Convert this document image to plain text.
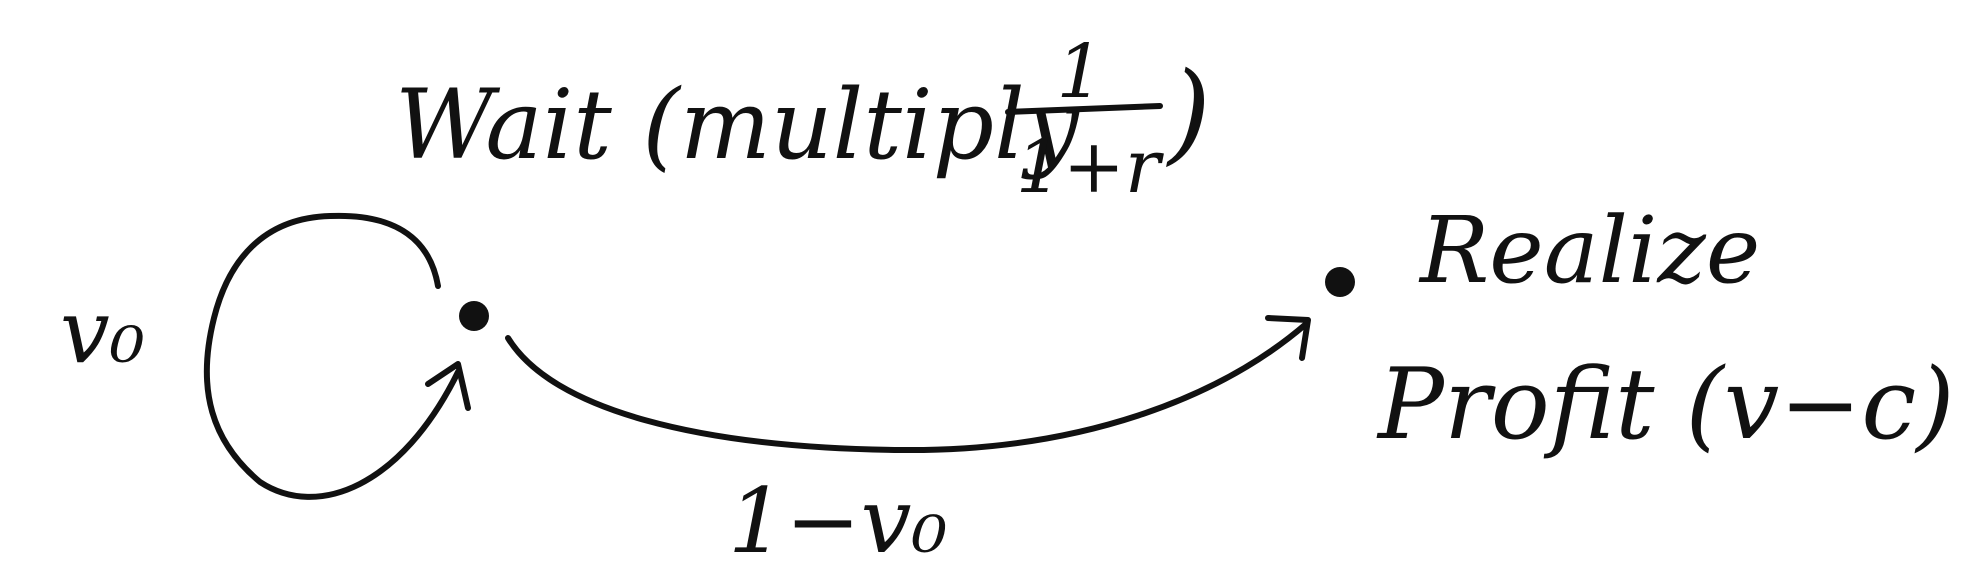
Wait (multiply
1
1+r )
v₀
1−v₀
Realize
Profit (v−c)
